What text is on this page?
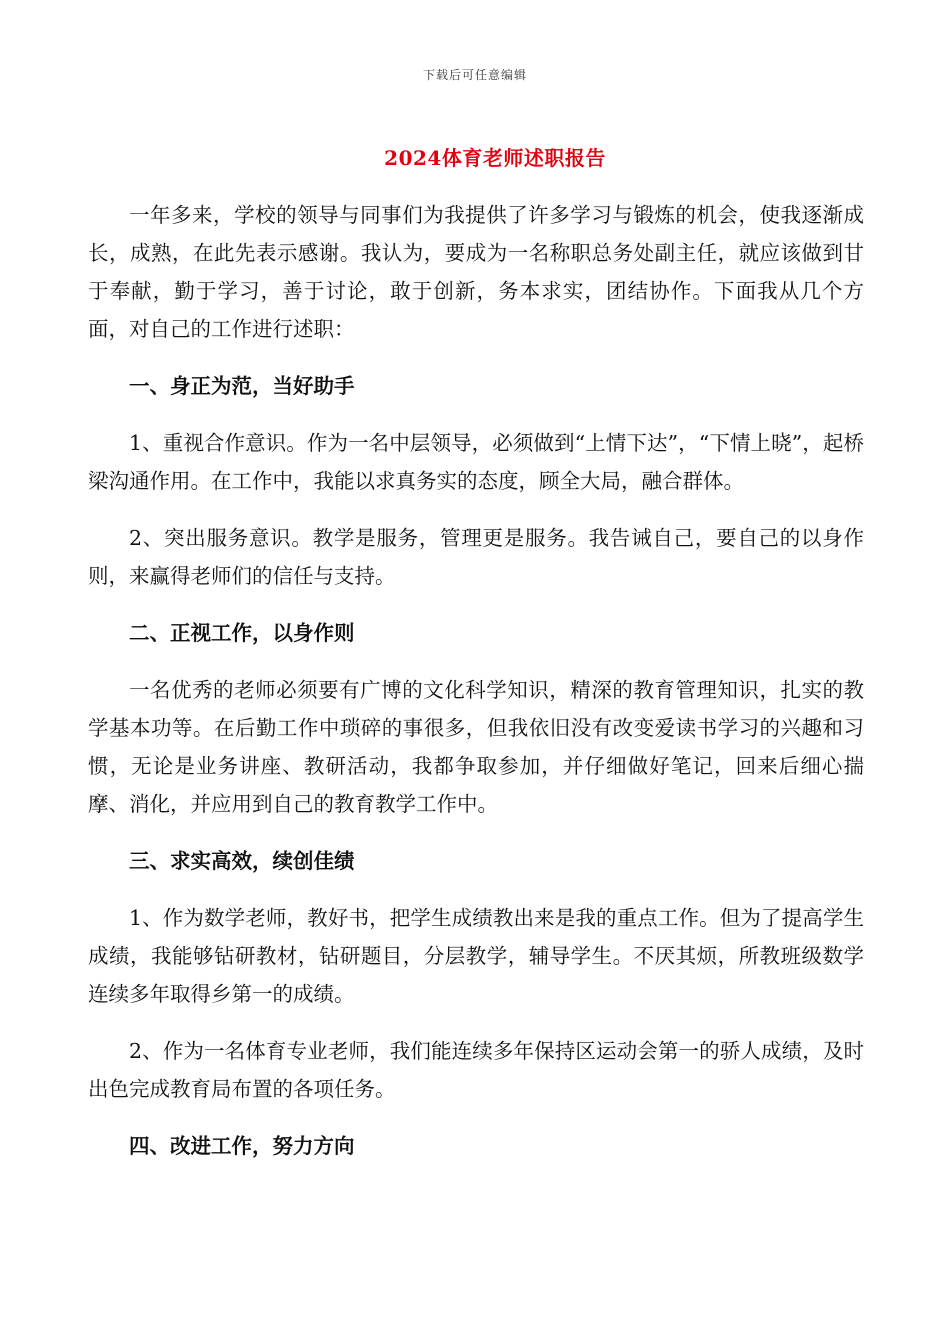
下载后可任意编辑
2024体育老师述职报告

一年多来，学校的领导与同事们为我提供了许多学习与锻炼的机会，使我逐渐成长，成熟，在此先表示感谢。我认为，要成为一名称职总务处副主任，就应该做到甘于奉献，勤于学习，善于讨论，敢于创新，务本求实，团结协作。下面我从几个方面，对自己的工作进行述职：

一、身正为范，当好助手

1、重视合作意识。作为一名中层领导，必须做到“上情下达”，“下情上晓”，起桥梁沟通作用。在工作中，我能以求真务实的态度，顾全大局，融合群体。

2、突出服务意识。教学是服务，管理更是服务。我告诫自己，要自己的以身作则，来赢得老师们的信任与支持。

二、正视工作，以身作则

一名优秀的老师必须要有广博的文化科学知识，精深的教育管理知识，扎实的教学基本功等。在后勤工作中琐碎的事很多，但我依旧没有改变爱读书学习的兴趣和习惯，无论是业务讲座、教研活动，我都争取参加，并仔细做好笔记，回来后细心揣摩、消化，并应用到自己的教育教学工作中。

三、求实高效，续创佳绩

1、作为数学老师，教好书，把学生成绩教出来是我的重点工作。但为了提高学生成绩，我能够钻研教材，钻研题目，分层教学，辅导学生。不厌其烦，所教班级数学连续多年取得乡第一的成绩。

2、作为一名体育专业老师，我们能连续多年保持区运动会第一的骄人成绩，及时出色完成教育局布置的各项任务。

四、改进工作，努力方向
